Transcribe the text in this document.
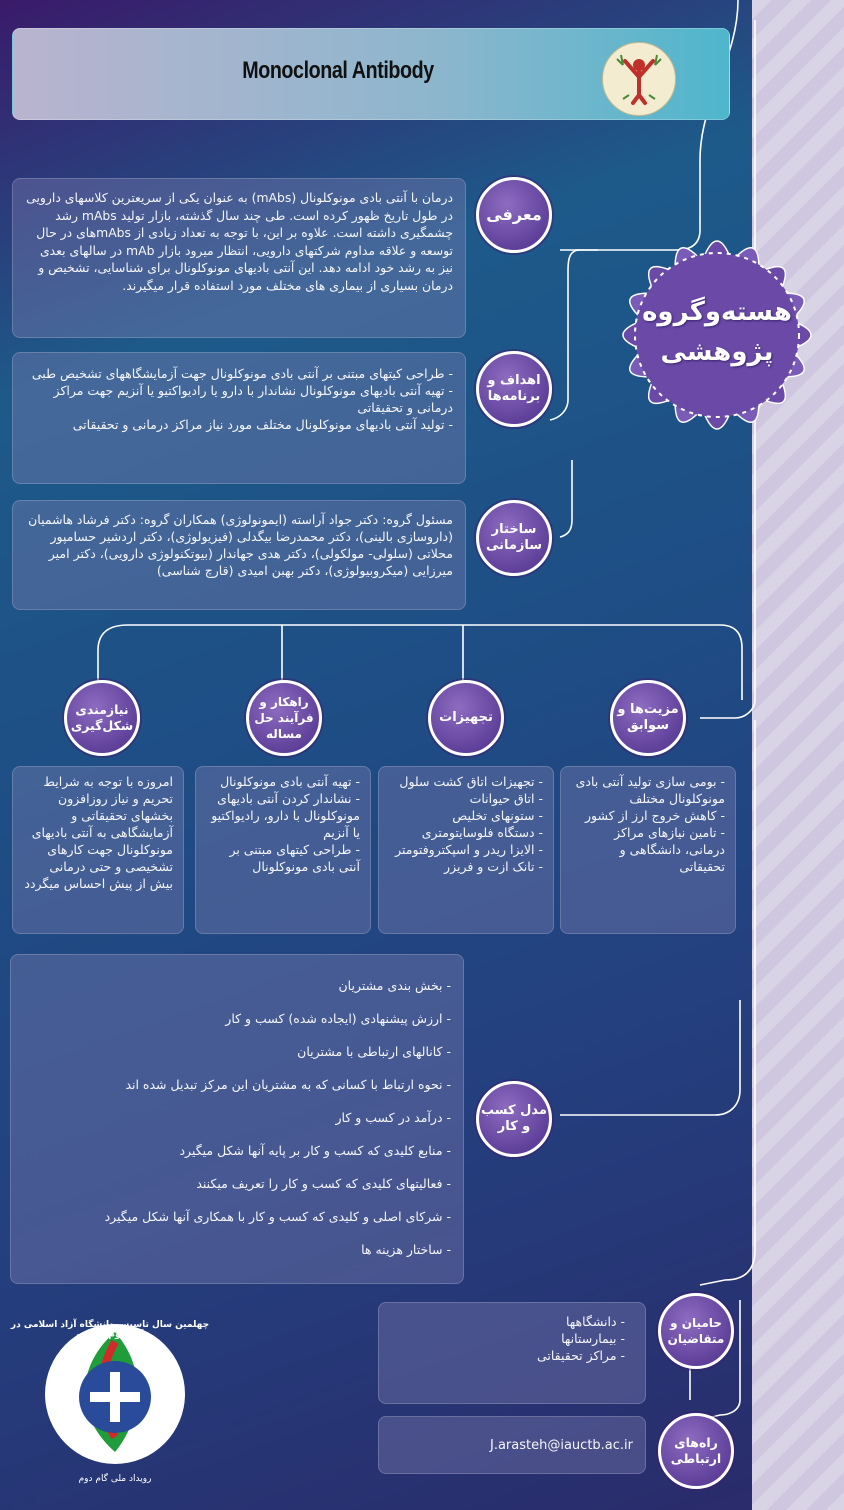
Monoclonal Antibody
هسته‌وگروه پژوهشی

درمان با آنتی بادی مونوکلونال (mAbs) به عنوان یکی از سریعترین کلاسهای دارویی در طول تاریخ ظهور کرده است. طی چند سال گذشته، بازار تولید mAbs رشد چشمگیری داشته است. علاوه بر این، با توجه به تعداد زیادی از mAbsهای در حال توسعه و علاقه مداوم شرکتهای دارویی، انتظار میرود بازار mAb در سالهای بعدی نیز به رشد خود ادامه دهد. این آنتی بادیهای مونوکلونال برای شناسایی، تشخیص و درمان بسیاری از بیماری های مختلف مورد استفاده قرار میگیرند.

معرفی
- طراحی کیتهای مبتنی بر آنتی بادی مونوکلونال جهت آزمایشگاههای تشخیص طبی
- تهیه آنتی بادیهای مونوکلونال نشاندار با دارو یا رادیواکتیو یا آنزیم جهت مراکز درمانی و تحقیقاتی
- تولید آنتی بادیهای مونوکلونال مختلف مورد نیاز مراکز درمانی و تحقیقاتی
اهداف و برنامه‌ها

مسئول گروه: دکتر جواد آراسته (ایمونولوژی) همکاران گروه: دکتر فرشاد هاشمیان (داروسازی بالینی)، دکتر محمدرضا بیگدلی (فیزیولوژی)، دکتر اردشیر حسامپور محلاتی (سلولی- مولکولی)، دکتر هدی جهاندار (بیوتکنولوژی دارویی)، دکتر امیر میرزایی (میکروبیولوژی)، دکتر بهبن امیدی (قارچ شناسی)

ساختار سازمانی
مزیت‌ها و سوابق
تجهیزات
راهکار و فرآیند حل مساله
نیازمندی شکل‌گیری
- بومی سازی تولید آنتی بادی مونوکلونال مختلف
- کاهش خروج ارز از کشور
- تامین نیازهای مراکز درمانی، دانشگاهی و تحقیقاتی
- تجهیزات اتاق کشت سلول
- اتاق حیوانات
- ستونهای تخلیص
- دستگاه فلوسایتومتری
- الایزا ریدر و اسپکتروفتومتر
- تانک ازت و فریزر
- تهیه آنتی بادی مونوکلونال
- نشاندار کردن آنتی بادیهای مونوکلونال با دارو، رادیواکتیو یا آنزیم
- طراحی کیتهای مبتنی بر آنتی بادی مونوکلونال

امروزه با توجه به شرایط تحریم و نیاز روزافزون بخشهای تحقیقاتی و آزمایشگاهی به آنتی بادیهای مونوکلونال جهت کارهای تشخیصی و حتی درمانی بیش از پیش احساس میگردد

- بخش بندی مشتریان
- ارزش پیشنهادی (ایجاده شده) کسب و کار
- کانالهای ارتباطی با مشتریان
- نحوه ارتباط با کسانی که به مشتریان این مرکز تبدیل شده اند
- درآمد در کسب و کار
- منابع کلیدی که کسب و کار بر پایه آنها شکل میگیرد
- فعالیتهای کلیدی که کسب و کار را تعریف میکنند
- شرکای اصلی و کلیدی که کسب و کار با همکاری آنها شکل میگیرد
- ساختار هزینه ها
مدل کسب و کار
- دانشگاهها
- بیمارستانها
- مراکز تحقیقاتی
حامیان و متقاضیان
J.arasteh@iauctb.ac.ir	راه‌های ارتباطی
چهلمین سال تاسیس دانشگاه آزاد اسلامی در گام دوم انقلاب
رویداد ملی گام دوم
